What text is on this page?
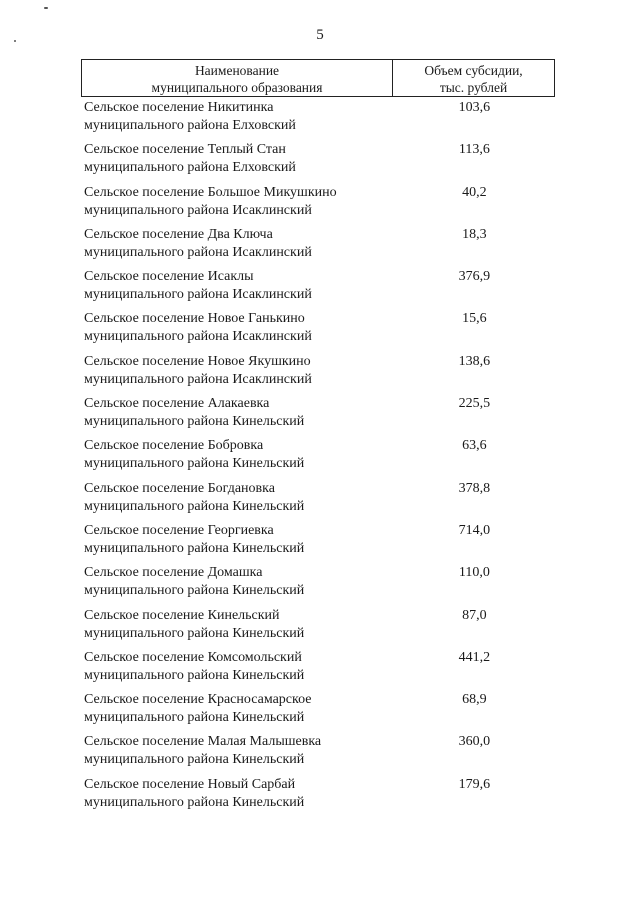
5
Наименование
муниципального образования
Объем субсидии,
тыс. рублей
Сельское поселение Никитинка
муниципального района Елховский
103,6
Сельское поселение Теплый Стан
муниципального района Елховский
113,6
Сельское поселение Большое Микушкино
муниципального района Исаклинский
40,2
Сельское поселение Два Ключа
муниципального района Исаклинский
18,3
Сельское поселение Исаклы
муниципального района Исаклинский
376,9
Сельское поселение Новое Ганькино
муниципального района Исаклинский
15,6
Сельское поселение Новое Якушкино
муниципального района Исаклинский
138,6
Сельское поселение Алакаевка
муниципального района Кинельский
225,5
Сельское поселение Бобровка
муниципального района Кинельский
63,6
Сельское поселение Богдановка
муниципального района Кинельский
378,8
Сельское поселение Георгиевка
муниципального района Кинельский
714,0
Сельское поселение Домашка
муниципального района Кинельский
110,0
Сельское поселение Кинельский
муниципального района Кинельский
87,0
Сельское поселение Комсомольский
муниципального района Кинельский
441,2
Сельское поселение Красносамарское
муниципального района Кинельский
68,9
Сельское поселение Малая Малышевка
муниципального района Кинельский
360,0
Сельское поселение Новый Сарбай
муниципального района Кинельский
179,6
